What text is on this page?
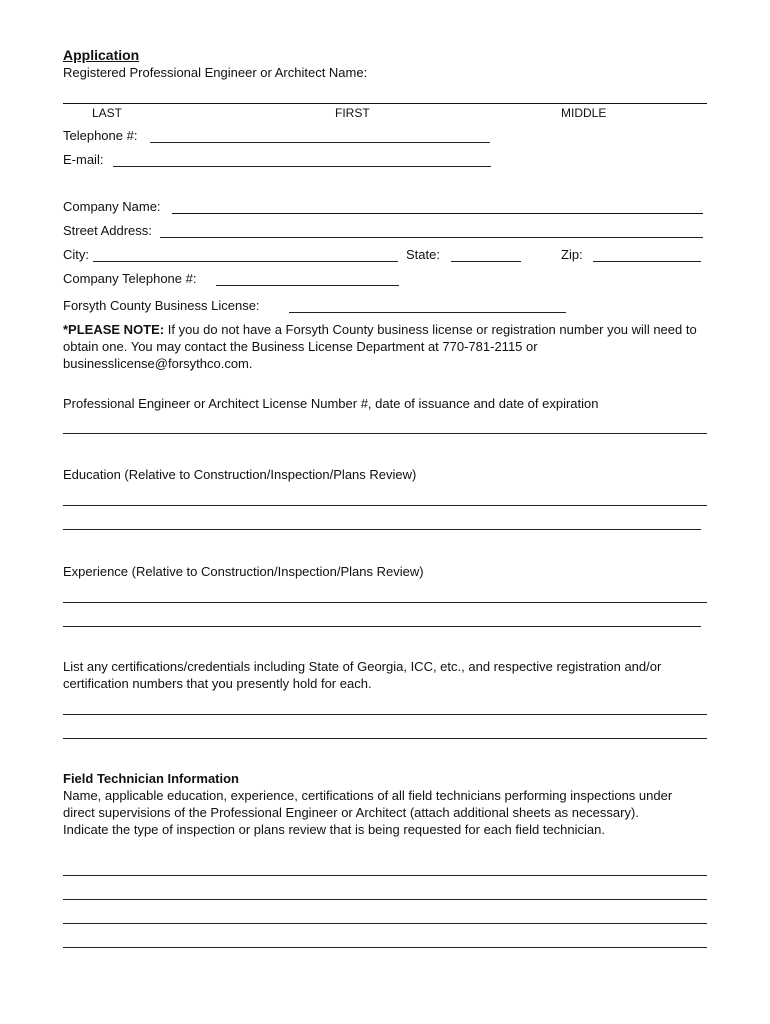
Application
Registered Professional Engineer or Architect Name:
LAST	FIRST	MIDDLE
Telephone #:
E-mail:
Company Name:
Street Address:
City:	State:	Zip:
Company Telephone #:
Forsyth County Business License:
*PLEASE NOTE: If you do not have a Forsyth County business license or registration number you will need to obtain one. You may contact the Business License Department at 770-781-2115 or businesslicense@forsythco.com.
Professional Engineer or Architect License Number #, date of issuance and date of expiration
Education (Relative to Construction/Inspection/Plans Review)
Experience (Relative to Construction/Inspection/Plans Review)
List any certifications/credentials including State of Georgia, ICC, etc., and respective registration and/or certification numbers that you presently hold for each.
Field Technician Information
Name, applicable education, experience, certifications of all field technicians performing inspections under direct supervisions of the Professional Engineer or Architect (attach additional sheets as necessary). Indicate the type of inspection or plans review that is being requested for each field technician.
